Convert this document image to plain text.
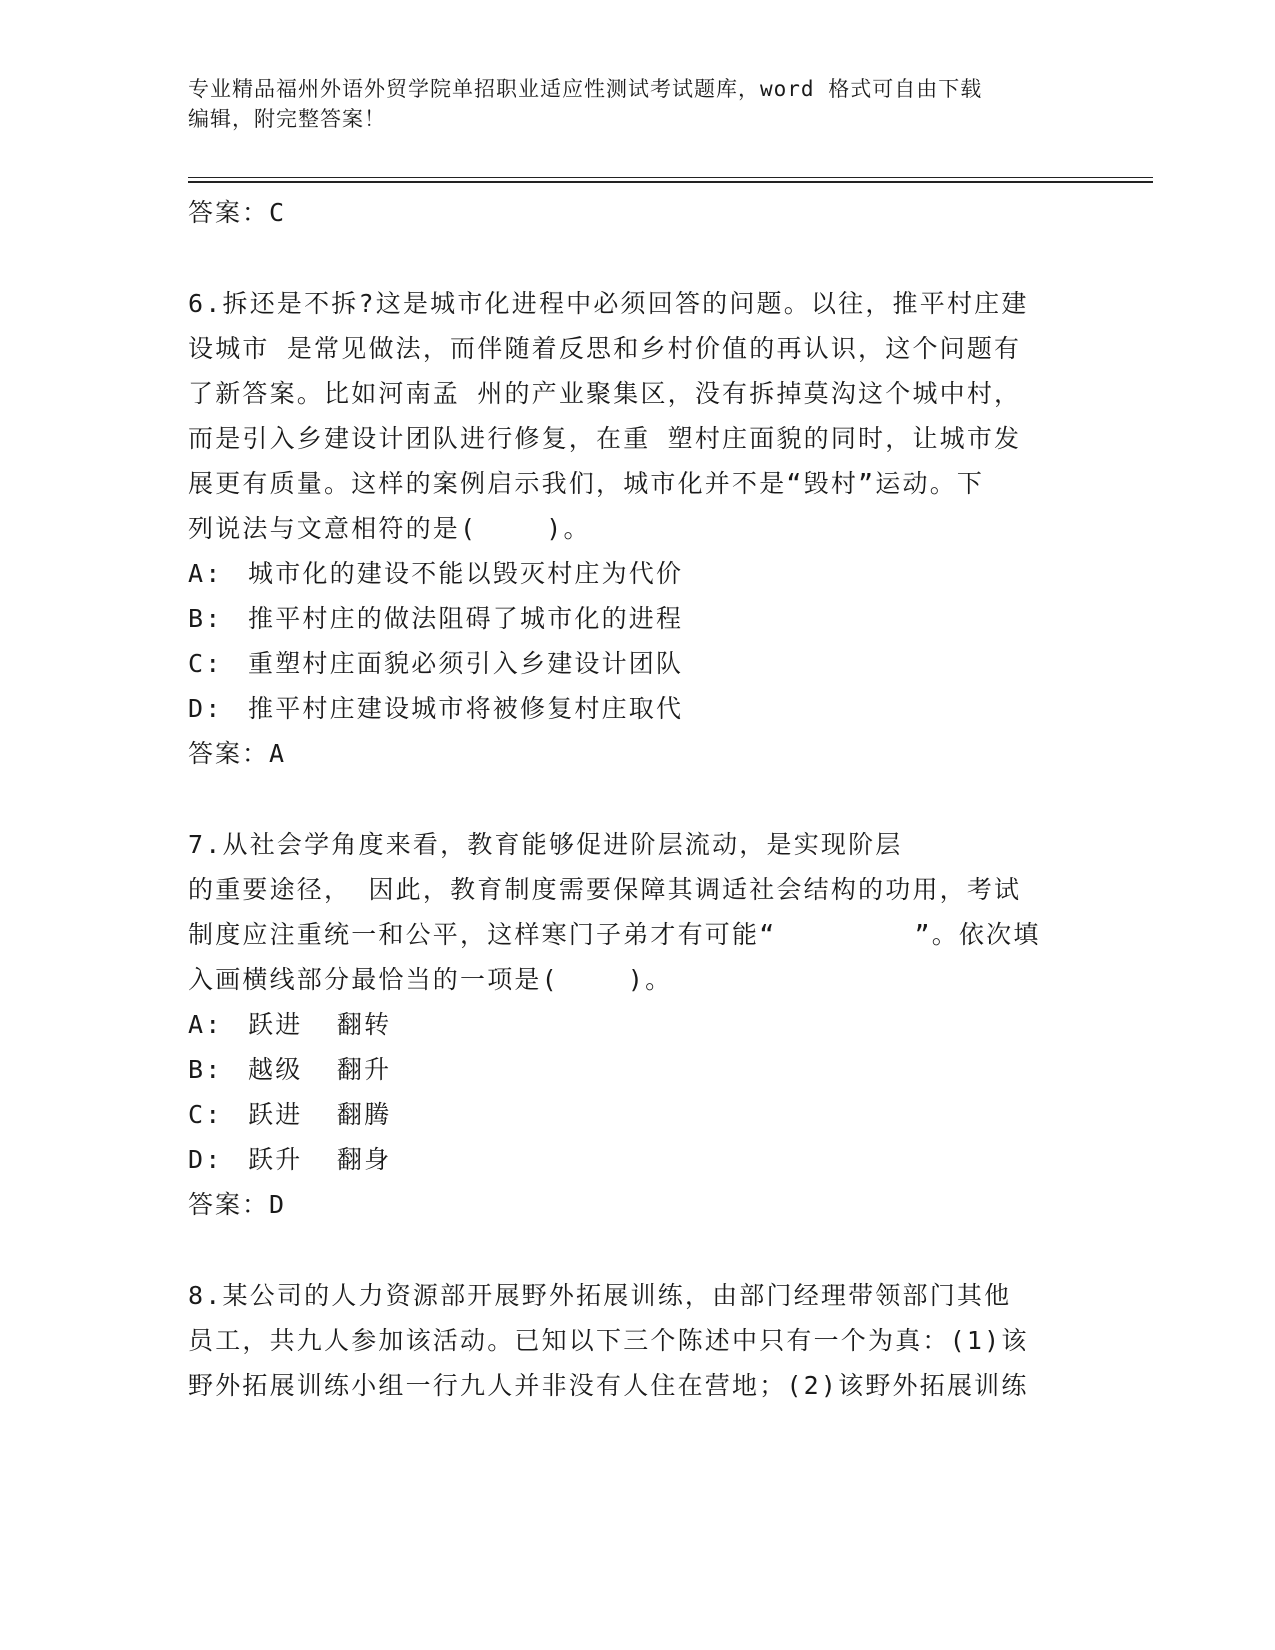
专业精品福州外语外贸学院单招职业适应性测试考试题库，word 格式可自由下载
编辑，附完整答案！
答案：C
6.拆还是不拆?这是城市化进程中必须回答的问题。以往，推平村庄建
设城市 是常见做法，而伴随着反思和乡村价值的再认识，这个问题有
了新答案。比如河南孟 州的产业聚集区，没有拆掉莫沟这个城中村，
而是引入乡建设计团队进行修复，在重 塑村庄面貌的同时，让城市发
展更有质量。这样的案例启示我们，城市化并不是“毁村”运动。下
列说法与文意相符的是(    )。
A: 城市化的建设不能以毁灭村庄为代价
B: 推平村庄的做法阻碍了城市化的进程
C: 重塑村庄面貌必须引入乡建设计团队
D: 推平村庄建设城市将被修复村庄取代
答案：A
7.从社会学角度来看，教育能够促进阶层流动，是实现阶层
的重要途径， 因此，教育制度需要保障其调适社会结构的功用，考试
制度应注重统一和公平，这样寒门子弟才有可能“        ”。依次填
入画横线部分最恰当的一项是(    )。
A: 跃进  翻转
B: 越级  翻升
C: 跃进  翻腾
D: 跃升  翻身
答案：D
8.某公司的人力资源部开展野外拓展训练，由部门经理带领部门其他
员工，共九人参加该活动。已知以下三个陈述中只有一个为真：(1)该
野外拓展训练小组一行九人并非没有人住在营地；(2)该野外拓展训练
